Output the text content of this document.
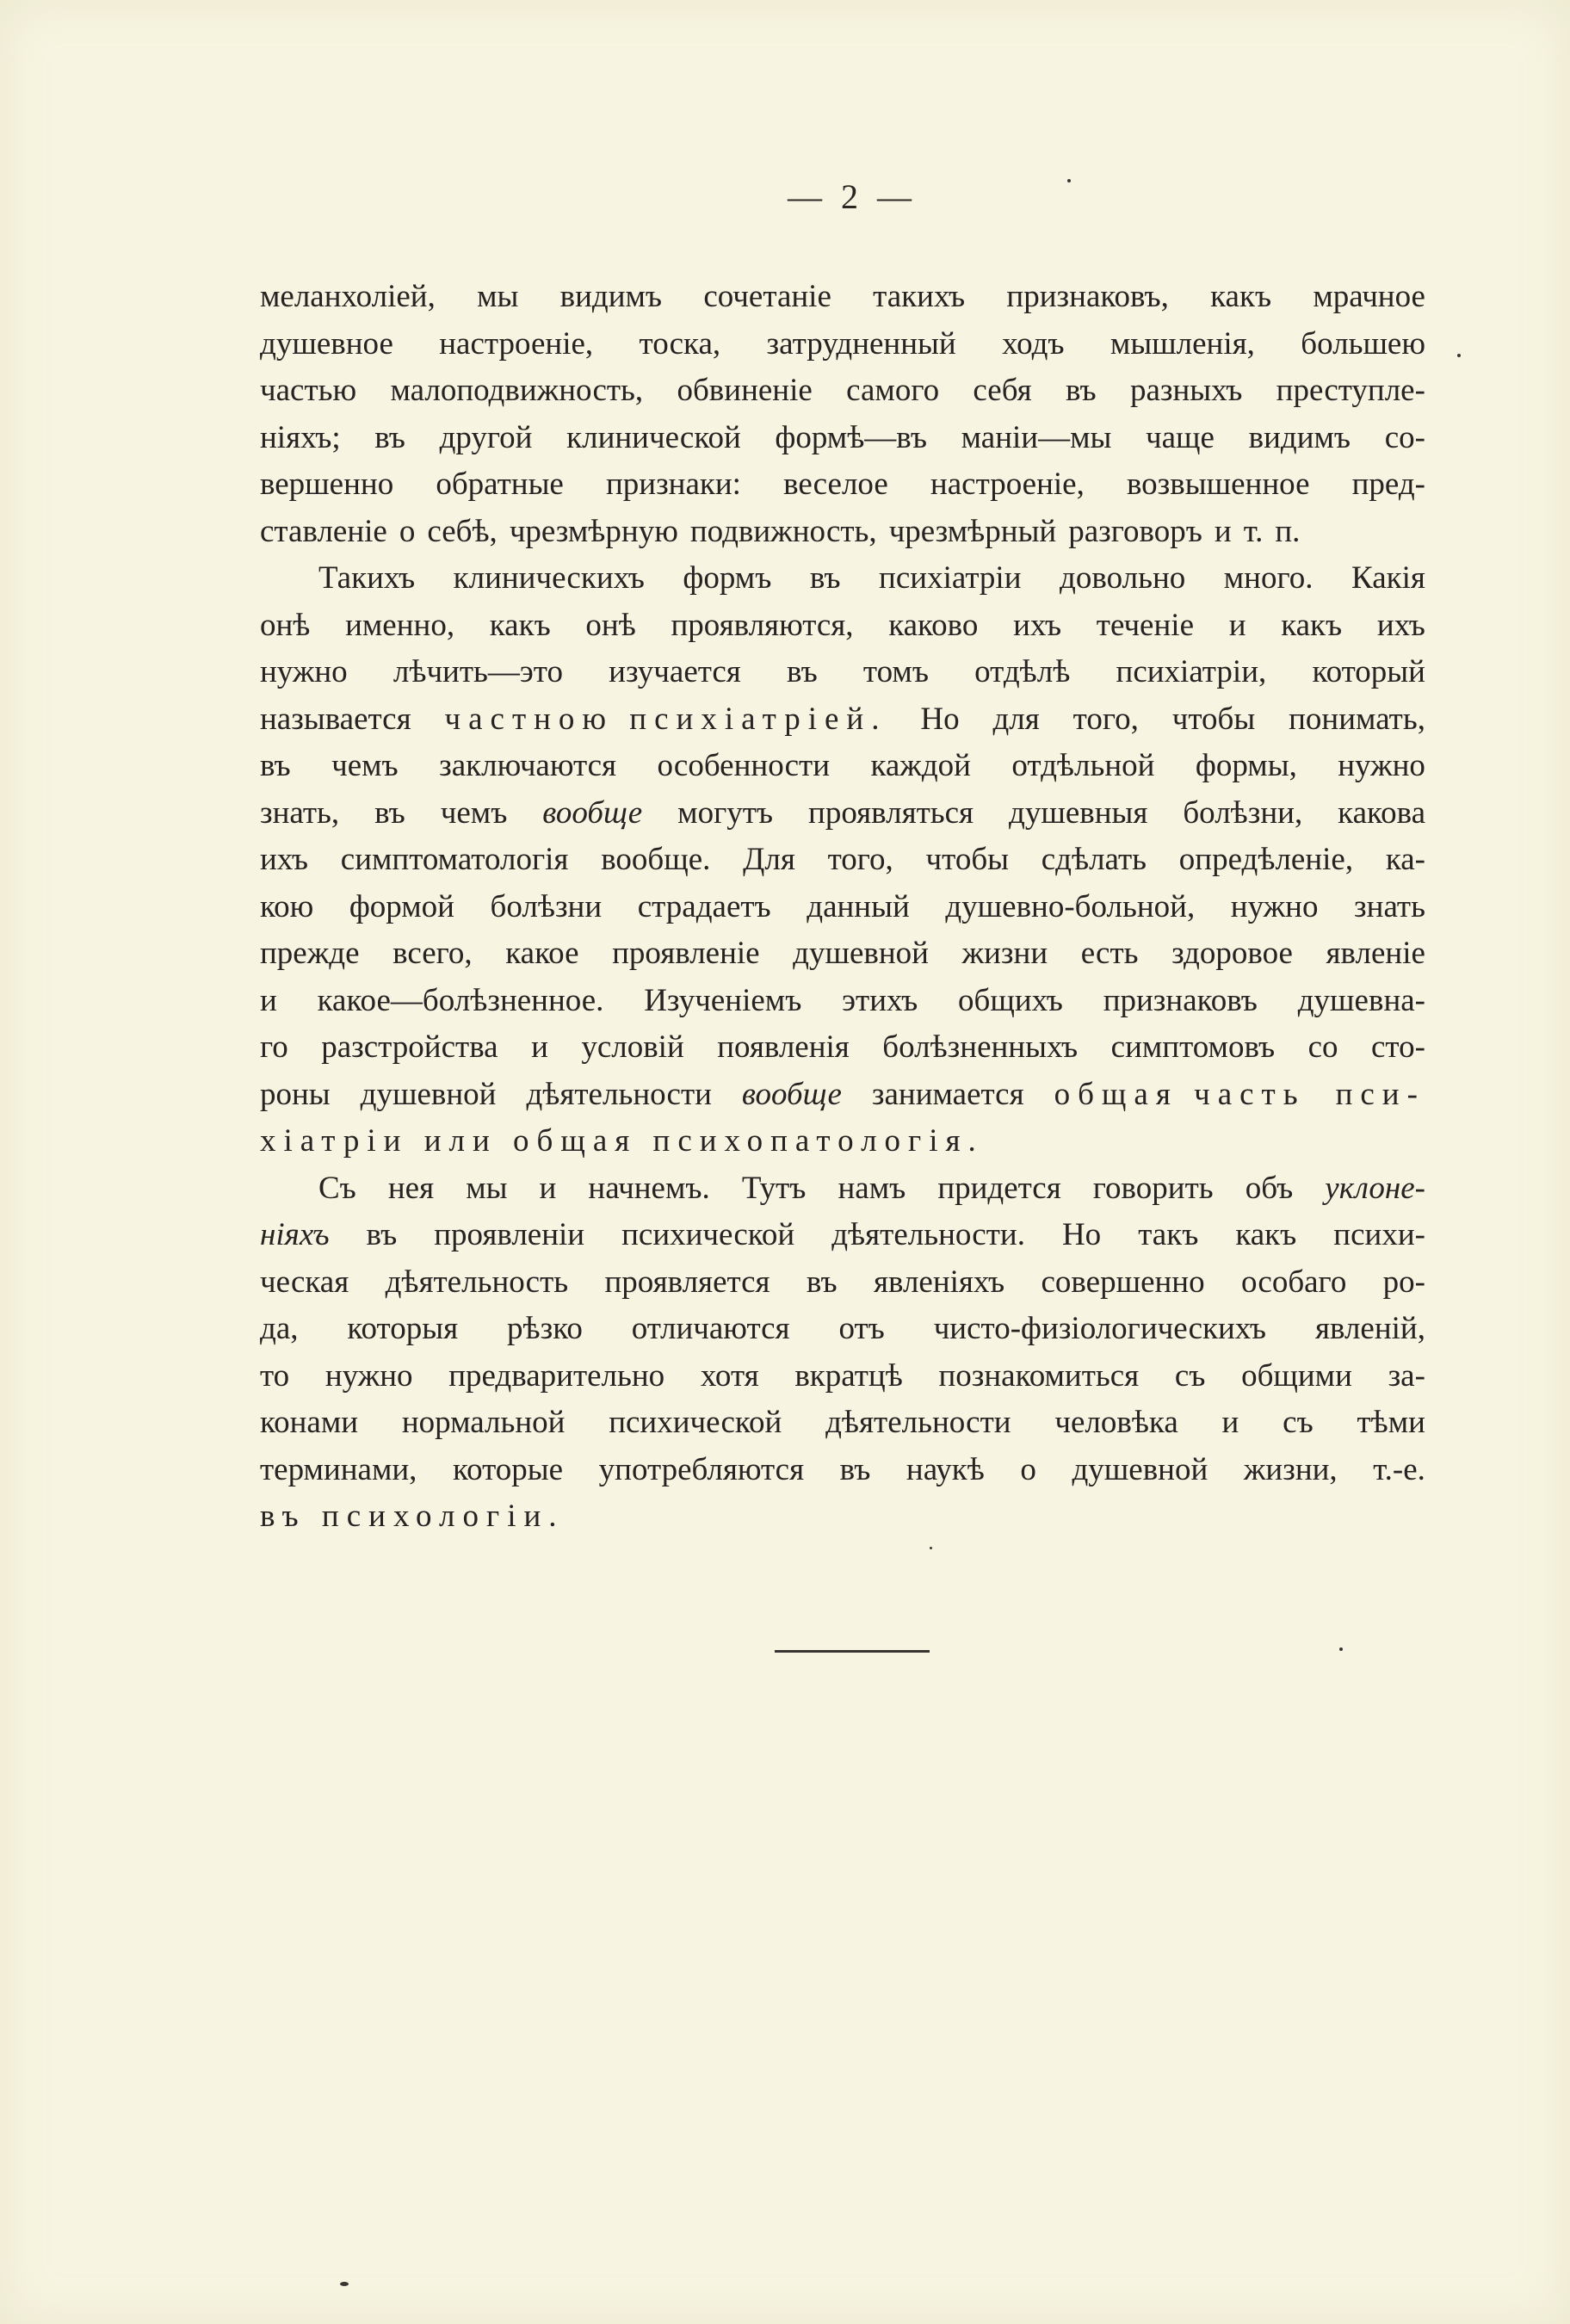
— 2 —
меланхоліей, мы видимъ сочетаніе такихъ признаковъ, какъ мрачное
душевное настроеніе, тоска, затрудненный ходъ мышленія, большею
частью малоподвижность, обвиненіе самого себя въ разныхъ преступле-
ніяхъ; въ другой клинической формѣ—въ маніи—мы чаще видимъ со-
вершенно обратные признаки: веселое настроеніе, возвышенное пред-
ставленіе о себѣ, чрезмѣрную подвижность, чрезмѣрный разговоръ и т. п.
Такихъ клиническихъ формъ въ психіатріи довольно много. Какія
онѣ именно, какъ онѣ проявляются, каково ихъ теченіе и какъ ихъ
нужно лѣчить—это изучается въ томъ отдѣлѣ психіатріи, который
называется частною психіатріей. Но для того, чтобы понимать,
въ чемъ заключаются особенности каждой отдѣльной формы, нужно
знать, въ чемъ вообще могутъ проявляться душевныя болѣзни, какова
ихъ симптоматологія вообще. Для того, чтобы сдѣлать опредѣленіе, ка-
кою формой болѣзни страдаетъ данный душевно-больной, нужно знать
прежде всего, какое проявленіе душевной жизни есть здоровое явленіе
и какое—болѣзненное. Изученіемъ этихъ общихъ признаковъ душевна-
го разстройства и условій появленія болѣзненныхъ симптомовъ со сто-
роны душевной дѣятельности вообще занимается общая часть пси-
хіатріи или общая психопатологія.
Съ нея мы и начнемъ. Тутъ намъ придется говорить объ уклоне-
ніяхъ въ проявленіи психической дѣятельности. Но такъ какъ психи-
ческая дѣятельность проявляется въ явленіяхъ совершенно особаго ро-
да, которыя рѣзко отличаются отъ чисто-физіологическихъ явленій,
то нужно предварительно хотя вкратцѣ познакомиться съ общими за-
конами нормальной психической дѣятельности человѣка и съ тѣми
терминами, которые употребляются въ наукѣ о душевной жизни, т.-е.
въ психологіи.
